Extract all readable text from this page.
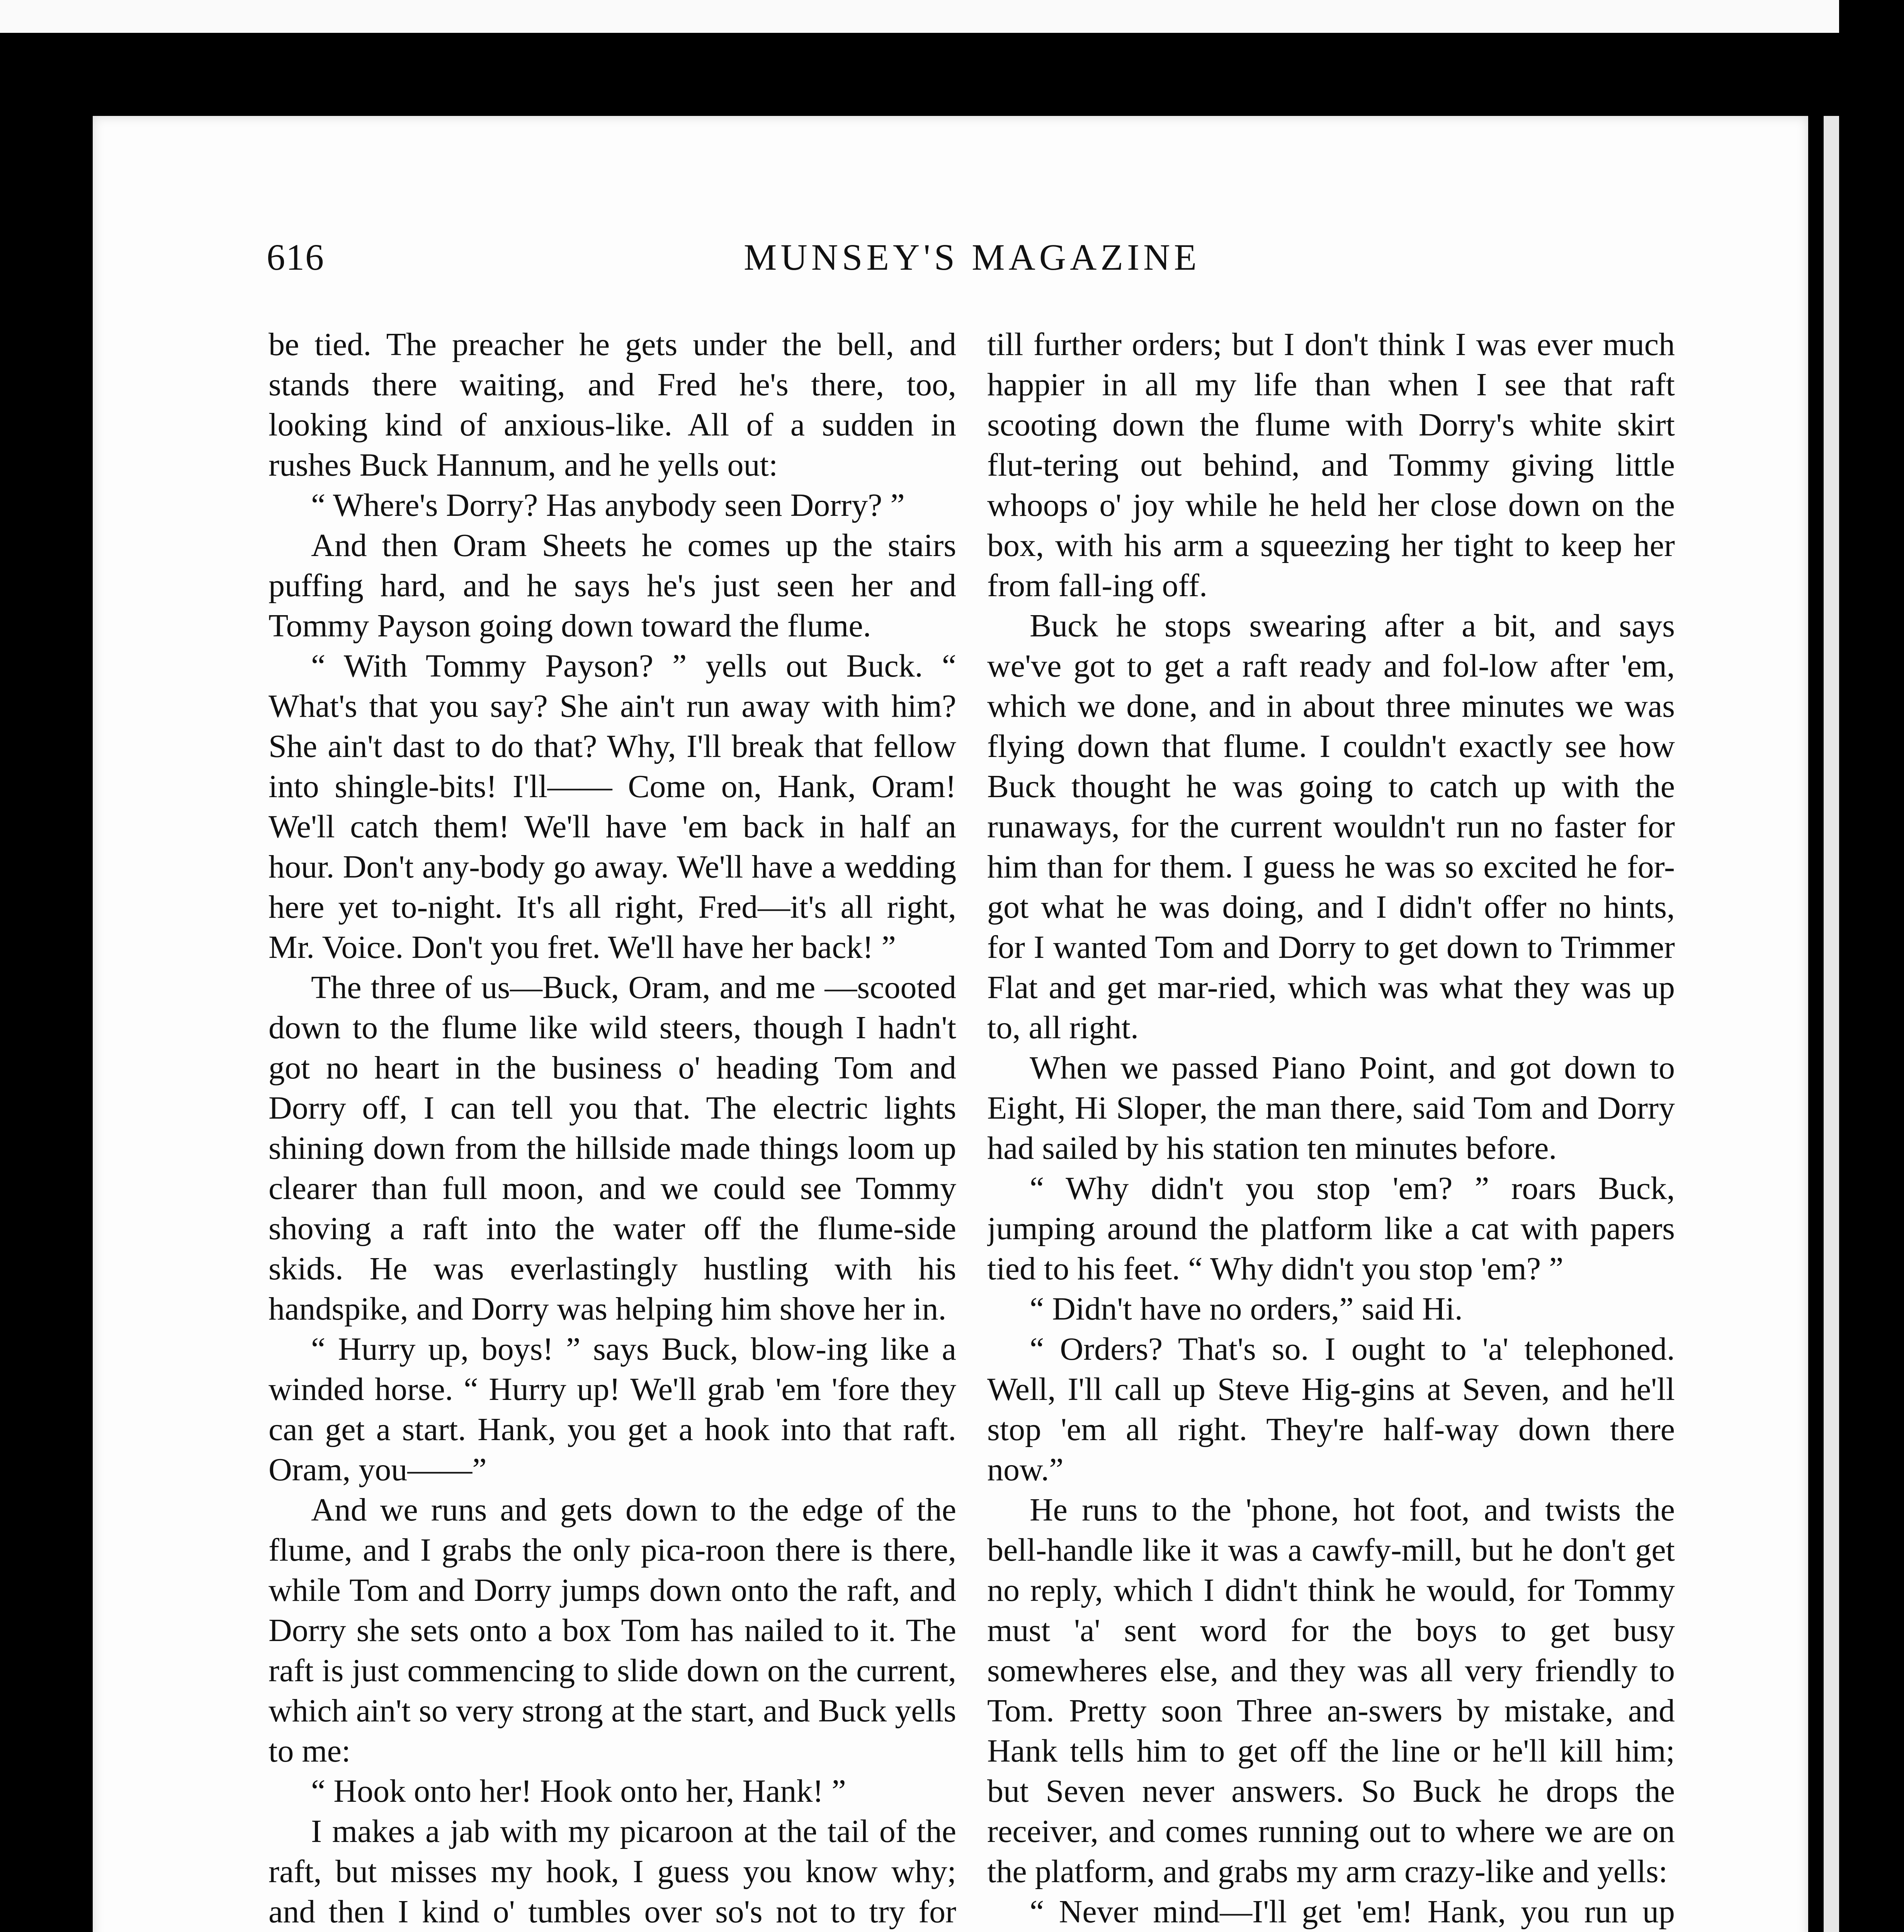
616	MUNSEY'S MAGAZINE

be tied. The preacher he gets under the bell, and stands there waiting, and Fred he's there, too, looking kind of anxious-like. All of a sudden in rushes Buck Hannum, and he yells out:

“ Where's Dorry? Has anybody seen Dorry? ”

And then Oram Sheets he comes up the stairs puffing hard, and he says he's just seen her and Tommy Payson going down toward the flume.

“ With Tommy Payson? ” yells out Buck. “ What's that you say? She ain't run away with him? She ain't dast to do that? Why, I'll break that fellow into shingle-bits! I'll—— Come on, Hank, Oram! We'll catch them! We'll have 'em back in half an hour. Don't any-body go away. We'll have a wedding here yet to-night. It's all right, Fred—it's all right, Mr. Voice. Don't you fret. We'll have her back! ”

The three of us—Buck, Oram, and me —scooted down to the flume like wild steers, though I hadn't got no heart in the business o' heading Tom and Dorry off, I can tell you that. The electric lights shining down from the hillside made things loom up clearer than full moon, and we could see Tommy shoving a raft into the water off the flume-side skids. He was everlastingly hustling with his handspike, and Dorry was helping him shove her in.

“ Hurry up, boys! ” says Buck, blow-ing like a winded horse. “ Hurry up! We'll grab 'em 'fore they can get a start. Hank, you get a hook into that raft. Oram, you——”

And we runs and gets down to the edge of the flume, and I grabs the only pica-roon there is there, while Tom and Dorry jumps down onto the raft, and Dorry she sets onto a box Tom has nailed to it. The raft is just commencing to slide down on the current, which ain't so very strong at the start, and Buck yells to me:

“ Hook onto her! Hook onto her, Hank! ”

I makes a jab with my picaroon at the tail of the raft, but misses my hook, I guess you know why; and then I kind o' tumbles over so's not to try for

till further orders; but I don't think I was ever much happier in all my life than when I see that raft scooting down the flume with Dorry's white skirt flut-tering out behind, and Tommy giving little whoops o' joy while he held her close down on the box, with his arm a squeezing her tight to keep her from fall-ing off.

Buck he stops swearing after a bit, and says we've got to get a raft ready and fol-low after 'em, which we done, and in about three minutes we was flying down that flume. I couldn't exactly see how Buck thought he was going to catch up with the runaways, for the current wouldn't run no faster for him than for them. I guess he was so excited he for-got what he was doing, and I didn't offer no hints, for I wanted Tom and Dorry to get down to Trimmer Flat and get mar-ried, which was what they was up to, all right.

When we passed Piano Point, and got down to Eight, Hi Sloper, the man there, said Tom and Dorry had sailed by his station ten minutes before.

“ Why didn't you stop 'em? ” roars Buck, jumping around the platform like a cat with papers tied to his feet. “ Why didn't you stop 'em? ”

“ Didn't have no orders,” said Hi.

“ Orders? That's so. I ought to 'a' telephoned. Well, I'll call up Steve Hig-gins at Seven, and he'll stop 'em all right. They're half-way down there now.”

He runs to the 'phone, hot foot, and twists the bell-handle like it was a cawfy-mill, but he don't get no reply, which I didn't think he would, for Tommy must 'a' sent word for the boys to get busy somewheres else, and they was all very friendly to Tom. Pretty soon Three an-swers by mistake, and Hank tells him to get off the line or he'll kill him; but Seven never answers. So Buck he drops the receiver, and comes running out to where we are on the platform, and grabs my arm crazy-like and yells:

“ Never mind—I'll get 'em! Hank, you run up
